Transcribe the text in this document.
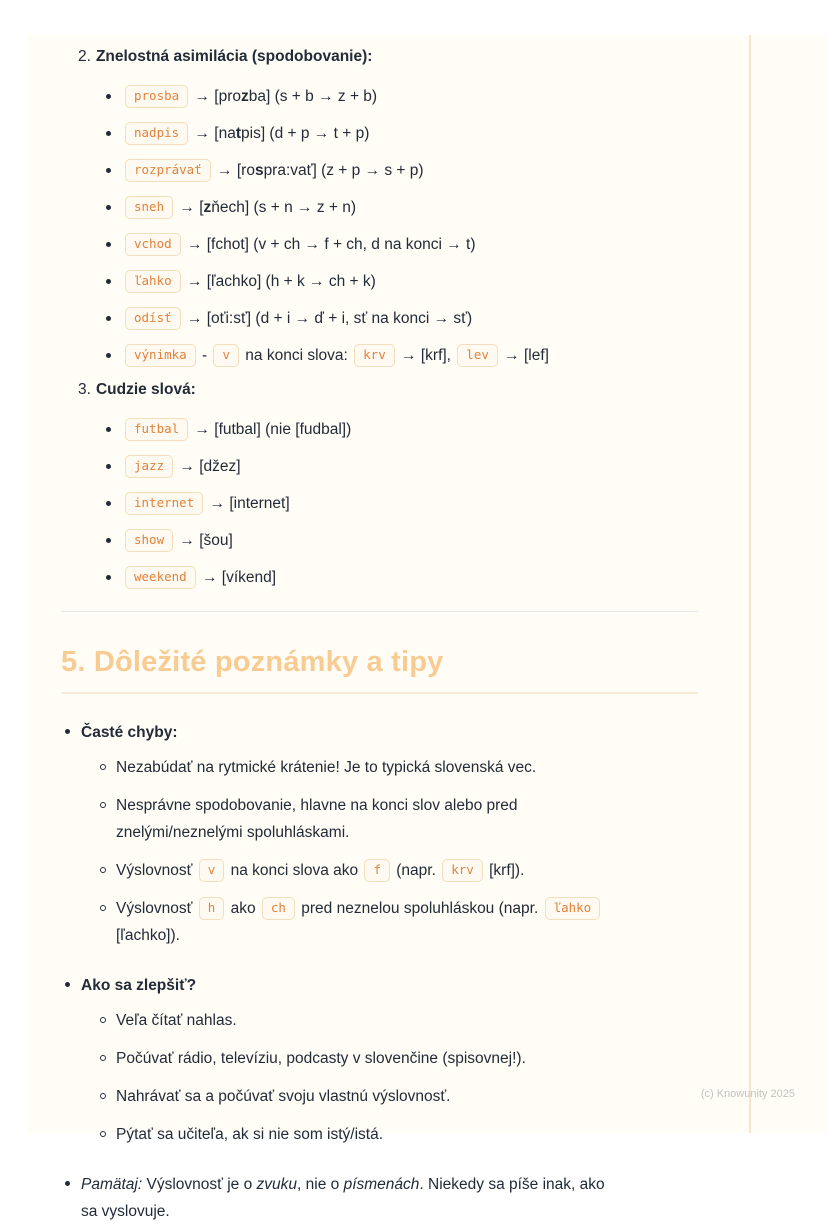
2. Znelostná asimilácia (spodobovanie):
prosba → [prozba] (s + b → z + b)
nadpis → [natpis] (d + p → t + p)
rozprávať → [rospra:vať] (z + p → s + p)
sneh → [zňech] (s + n → z + n)
vchod → [fchot] (v + ch → f + ch, d na konci → t)
ľahko → [ľachko] (h + k → ch + k)
odísť → [oťi:sť] (d + i → ď + i, sť na konci → sť)
výnimka - v na konci slova: krv → [krf], lev → [lef]
3. Cudzie slová:
futbal → [futbal] (nie [fudbal])
jazz → [džez]
internet → [internet]
show → [šou]
weekend → [víkend]
5. Dôležité poznámky a tipy
Časté chyby:
Nezabúdať na rytmické krátenie! Je to typická slovenská vec.
Nesprávne spodobovanie, hlavne na konci slov alebo pred
znelými/neznelými spoluhláskami.
Výslovnosť v na konci slova ako f (napr. krv [krf]).
Výslovnosť h ako ch pred neznelou spoluhláskou (napr. ľahko
[ľachko]).
Ako sa zlepšiť?
Veľa čítať nahlas.
Počúvať rádio, televíziu, podcasty v slovenčine (spisovnej!).
Nahrávať sa a počúvať svoju vlastnú výslovnosť.
Pýtať sa učiteľa, ak si nie som istý/istá.
Pamätaj: Výslovnosť je o zvuku, nie o písmenách. Niekedy sa píše inak, ako
sa vyslovuje.
(c) Knowunity 2025
